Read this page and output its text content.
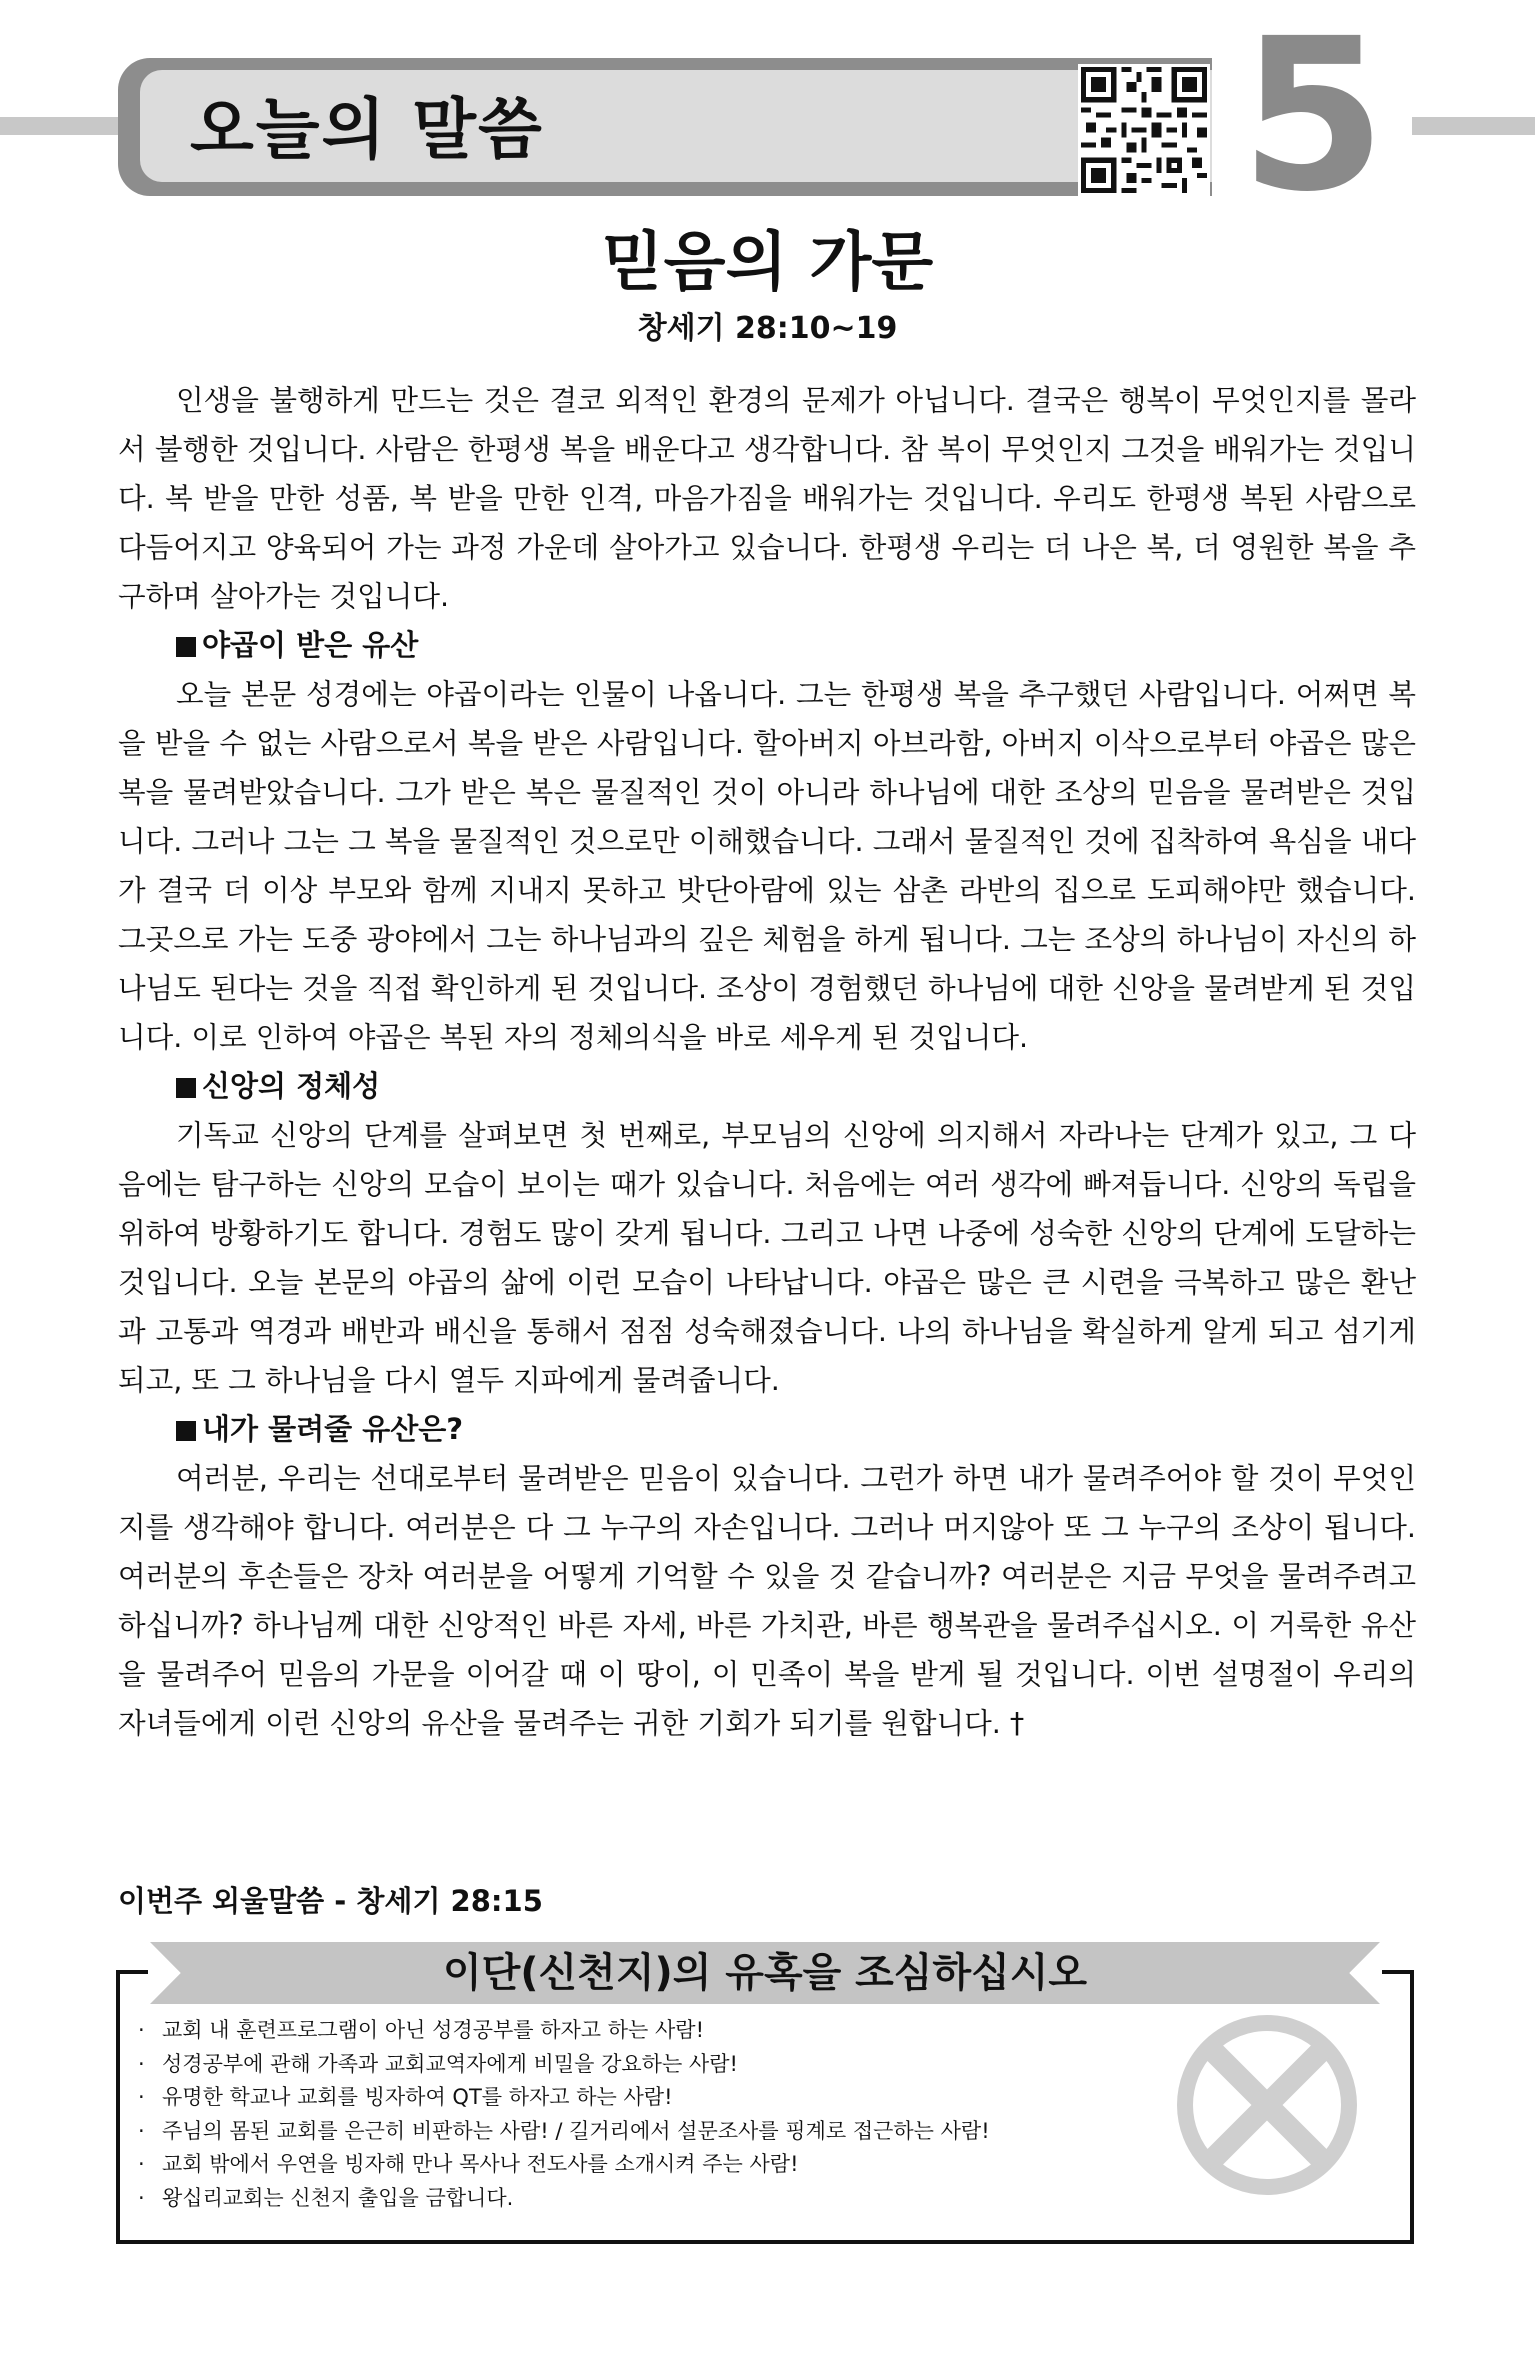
오늘의 말씀	5
믿음의 가문
창세기 28:10~19

인생을 불행하게 만드는 것은 결코 외적인 환경의 문제가 아닙니다. 결국은 행복이 무엇인지를 몰라서 불행한 것입니다. 사람은 한평생 복을 배운다고 생각합니다. 참 복이 무엇인지 그것을 배워가는 것입니다. 복 받을 만한 성품, 복 받을 만한 인격, 마음가짐을 배워가는 것입니다. 우리도 한평생 복된 사람으로 다듬어지고 양육되어 가는 과정 가운데 살아가고 있습니다. 한평생 우리는 더 나은 복, 더 영원한 복을 추구하며 살아가는 것입니다.

야곱이 받은 유산

오늘 본문 성경에는 야곱이라는 인물이 나옵니다. 그는 한평생 복을 추구했던 사람입니다. 어쩌면 복을 받을 수 없는 사람으로서 복을 받은 사람입니다. 할아버지 아브라함, 아버지 이삭으로부터 야곱은 많은 복을 물려받았습니다. 그가 받은 복은 물질적인 것이 아니라 하나님에 대한 조상의 믿음을 물려받은 것입니다. 그러나 그는 그 복을 물질적인 것으로만 이해했습니다. 그래서 물질적인 것에 집착하여 욕심을 내다가 결국 더 이상 부모와 함께 지내지 못하고 밧단아람에 있는 삼촌 라반의 집으로 도피해야만 했습니다. 그곳으로 가는 도중 광야에서 그는 하나님과의 깊은 체험을 하게 됩니다. 그는 조상의 하나님이 자신의 하나님도 된다는 것을 직접 확인하게 된 것입니다. 조상이 경험했던 하나님에 대한 신앙을 물려받게 된 것입니다. 이로 인하여 야곱은 복된 자의 정체의식을 바로 세우게 된 것입니다.

신앙의 정체성

기독교 신앙의 단계를 살펴보면 첫 번째로, 부모님의 신앙에 의지해서 자라나는 단계가 있고, 그 다음에는 탐구하는 신앙의 모습이 보이는 때가 있습니다. 처음에는 여러 생각에 빠져듭니다. 신앙의 독립을 위하여 방황하기도 합니다. 경험도 많이 갖게 됩니다. 그리고 나면 나중에 성숙한 신앙의 단계에 도달하는 것입니다. 오늘 본문의 야곱의 삶에 이런 모습이 나타납니다. 야곱은 많은 큰 시련을 극복하고 많은 환난과 고통과 역경과 배반과 배신을 통해서 점점 성숙해졌습니다. 나의 하나님을 확실하게 알게 되고 섬기게 되고, 또 그 하나님을 다시 열두 지파에게 물려줍니다.

내가 물려줄 유산은?

여러분, 우리는 선대로부터 물려받은 믿음이 있습니다. 그런가 하면 내가 물려주어야 할 것이 무엇인지를 생각해야 합니다. 여러분은 다 그 누구의 자손입니다. 그러나 머지않아 또 그 누구의 조상이 됩니다. 여러분의 후손들은 장차 여러분을 어떻게 기억할 수 있을 것 같습니까? 여러분은 지금 무엇을 물려주려고 하십니까? 하나님께 대한 신앙적인 바른 자세, 바른 가치관, 바른 행복관을 물려주십시오. 이 거룩한 유산을 물려주어 믿음의 가문을 이어갈 때 이 땅이, 이 민족이 복을 받게 될 것입니다. 이번 설명절이 우리의 자녀들에게 이런 신앙의 유산을 물려주는 귀한 기회가 되기를 원합니다. †

이번주 외울말씀 - 창세기 28:15
이단(신천지)의 유혹을 조심하십시오
· 교회 내 훈련프로그램이 아닌 성경공부를 하자고 하는 사람!
· 성경공부에 관해 가족과 교회교역자에게 비밀을 강요하는 사람!
· 유명한 학교나 교회를 빙자하여 QT를 하자고 하는 사람!
· 주님의 몸된 교회를 은근히 비판하는 사람! / 길거리에서 설문조사를 핑계로 접근하는 사람!
· 교회 밖에서 우연을 빙자해 만나 목사나 전도사를 소개시켜 주는 사람!
· 왕십리교회는 신천지 출입을 금합니다.
